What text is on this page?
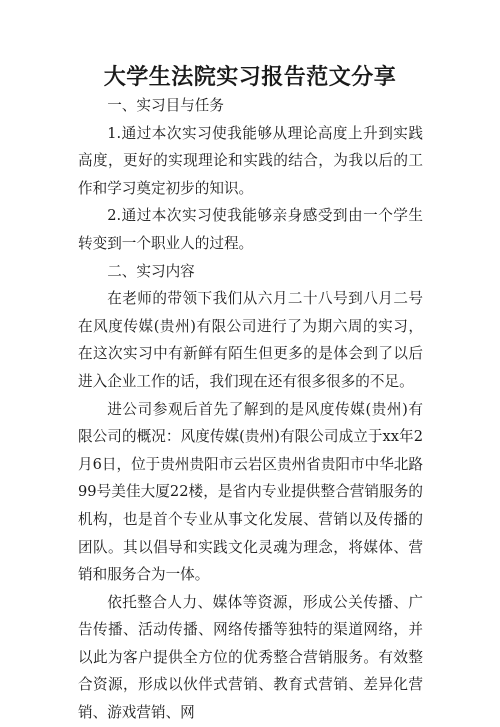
大学生法院实习报告范文分享

一、实习目与任务

1.通过本次实习使我能够从理论高度上升到实践高度，更好的实现理论和实践的结合，为我以后的工作和学习奠定初步的知识。

2.通过本次实习使我能够亲身感受到由一个学生转变到一个职业人的过程。

二、实习内容

在老师的带领下我们从六月二十八号到八月二号在风度传媒(贵州)有限公司进行了为期六周的实习，在这次实习中有新鲜有陌生但更多的是体会到了以后进入企业工作的话，我们现在还有很多很多的不足。

进公司参观后首先了解到的是风度传媒(贵州)有限公司的概况：风度传媒(贵州)有限公司成立于xx年2月6日，位于贵州贵阳市云岩区贵州省贵阳市中华北路99号美佳大厦22楼，是省内专业提供整合营销服务的机构，也是首个专业从事文化发展、营销以及传播的团队。其以倡导和实践文化灵魂为理念，将媒体、营销和服务合为一体。

依托整合人力、媒体等资源，形成公关传播、广告传播、活动传播、网络传播等独特的渠道网络，并以此为客户提供全方位的优秀整合营销服务。有效整合资源，形成以伙伴式营销、教育式营销、差异化营销、游戏营销、网
